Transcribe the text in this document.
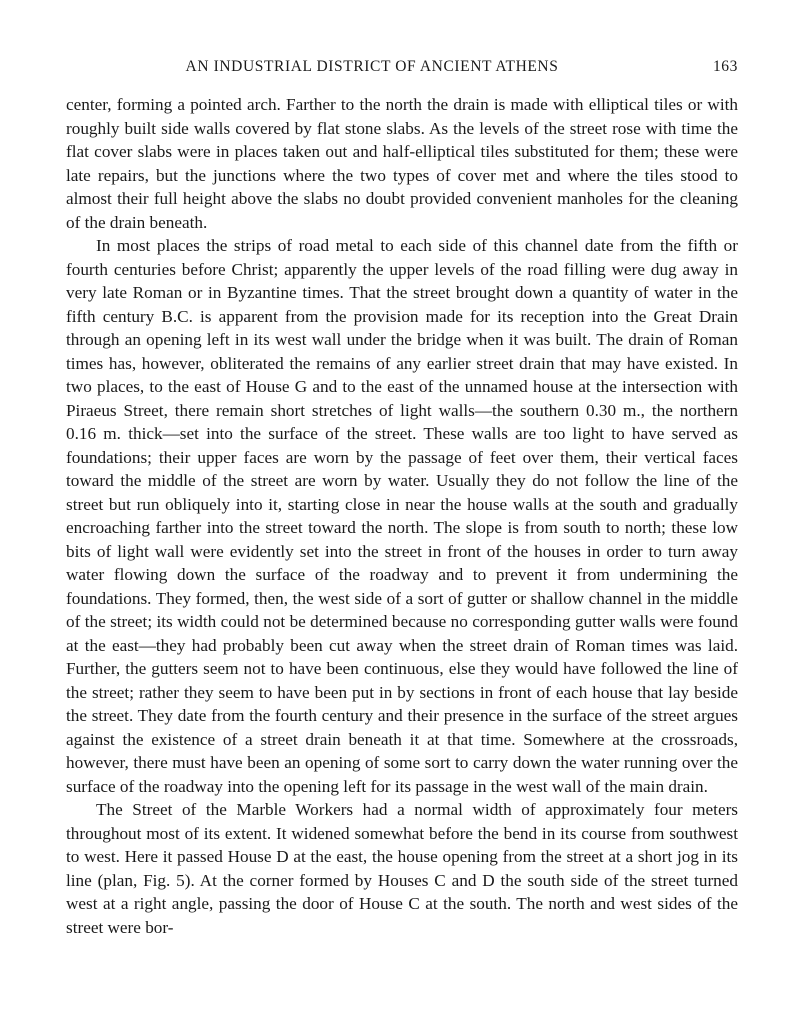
AN INDUSTRIAL DISTRICT OF ANCIENT ATHENS	163

center, forming a pointed arch. Farther to the north the drain is made with elliptical tiles or with roughly built side walls covered by flat stone slabs. As the levels of the street rose with time the flat cover slabs were in places taken out and half-elliptical tiles substituted for them; these were late repairs, but the junctions where the two types of cover met and where the tiles stood to almost their full height above the slabs no doubt provided convenient manholes for the cleaning of the drain beneath.

In most places the strips of road metal to each side of this channel date from the fifth or fourth centuries before Christ; apparently the upper levels of the road filling were dug away in very late Roman or in Byzantine times. That the street brought down a quantity of water in the fifth century B.C. is apparent from the provision made for its reception into the Great Drain through an opening left in its west wall under the bridge when it was built. The drain of Roman times has, however, obliterated the remains of any earlier street drain that may have existed. In two places, to the east of House G and to the east of the unnamed house at the intersection with Piraeus Street, there remain short stretches of light walls—the southern 0.30 m., the northern 0.16 m. thick—set into the surface of the street. These walls are too light to have served as foundations; their upper faces are worn by the passage of feet over them, their vertical faces toward the middle of the street are worn by water. Usually they do not follow the line of the street but run obliquely into it, starting close in near the house walls at the south and gradually encroaching farther into the street toward the north. The slope is from south to north; these low bits of light wall were evidently set into the street in front of the houses in order to turn away water flowing down the surface of the roadway and to prevent it from undermining the foundations. They formed, then, the west side of a sort of gutter or shallow channel in the middle of the street; its width could not be determined because no corresponding gutter walls were found at the east—they had probably been cut away when the street drain of Roman times was laid. Further, the gutters seem not to have been continuous, else they would have followed the line of the street; rather they seem to have been put in by sections in front of each house that lay beside the street. They date from the fourth century and their presence in the surface of the street argues against the existence of a street drain beneath it at that time. Somewhere at the crossroads, however, there must have been an opening of some sort to carry down the water running over the surface of the roadway into the opening left for its passage in the west wall of the main drain.

The Street of the Marble Workers had a normal width of approximately four meters throughout most of its extent. It widened somewhat before the bend in its course from southwest to west. Here it passed House D at the east, the house opening from the street at a short jog in its line (plan, Fig. 5). At the corner formed by Houses C and D the south side of the street turned west at a right angle, passing the door of House C at the south. The north and west sides of the street were bor-
